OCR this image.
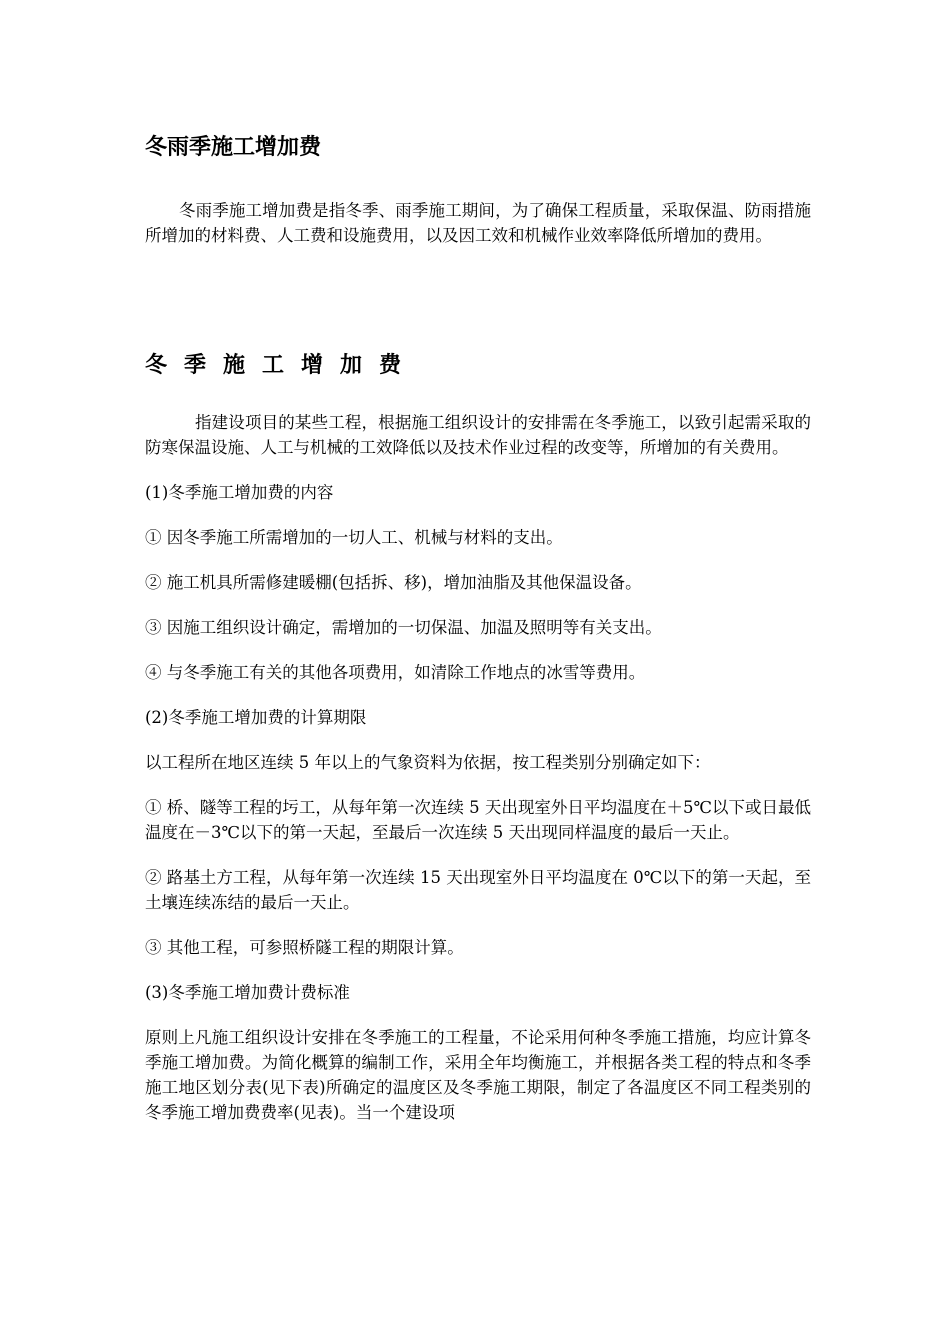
冬雨季施工增加费

冬雨季施工增加费是指冬季、雨季施工期间，为了确保工程质量，采取保温、防雨措施所增加的材料费、人工费和设施费用，以及因工效和机械作业效率降低所增加的费用。

冬季施工增加费

指建设项目的某些工程，根据施工组织设计的安排需在冬季施工，以致引起需采取的防寒保温设施、人工与机械的工效降低以及技术作业过程的改变等，所增加的有关费用。

(1)冬季施工增加费的内容

① 因冬季施工所需增加的一切人工、机械与材料的支出。

② 施工机具所需修建暖棚(包括拆、移)，增加油脂及其他保温设备。

③ 因施工组织设计确定，需增加的一切保温、加温及照明等有关支出。

④ 与冬季施工有关的其他各项费用，如清除工作地点的冰雪等费用。

(2)冬季施工增加费的计算期限

以工程所在地区连续 5 年以上的气象资料为依据，按工程类别分别确定如下：

① 桥、隧等工程的圬工，从每年第一次连续 5 天出现室外日平均温度在＋5℃以下或日最低温度在－3℃以下的第一天起，至最后一次连续 5 天出现同样温度的最后一天止。

② 路基土方工程，从每年第一次连续 15 天出现室外日平均温度在 0℃以下的第一天起，至土壤连续冻结的最后一天止。

③ 其他工程，可参照桥隧工程的期限计算。

(3)冬季施工增加费计费标准

原则上凡施工组织设计安排在冬季施工的工程量，不论采用何种冬季施工措施，均应计算冬季施工增加费。为简化概算的编制工作，采用全年均衡施工，并根据各类工程的特点和冬季施工地区划分表(见下表)所确定的温度区及冬季施工期限，制定了各温度区不同工程类别的冬季施工增加费费率(见表)。当一个建设项
